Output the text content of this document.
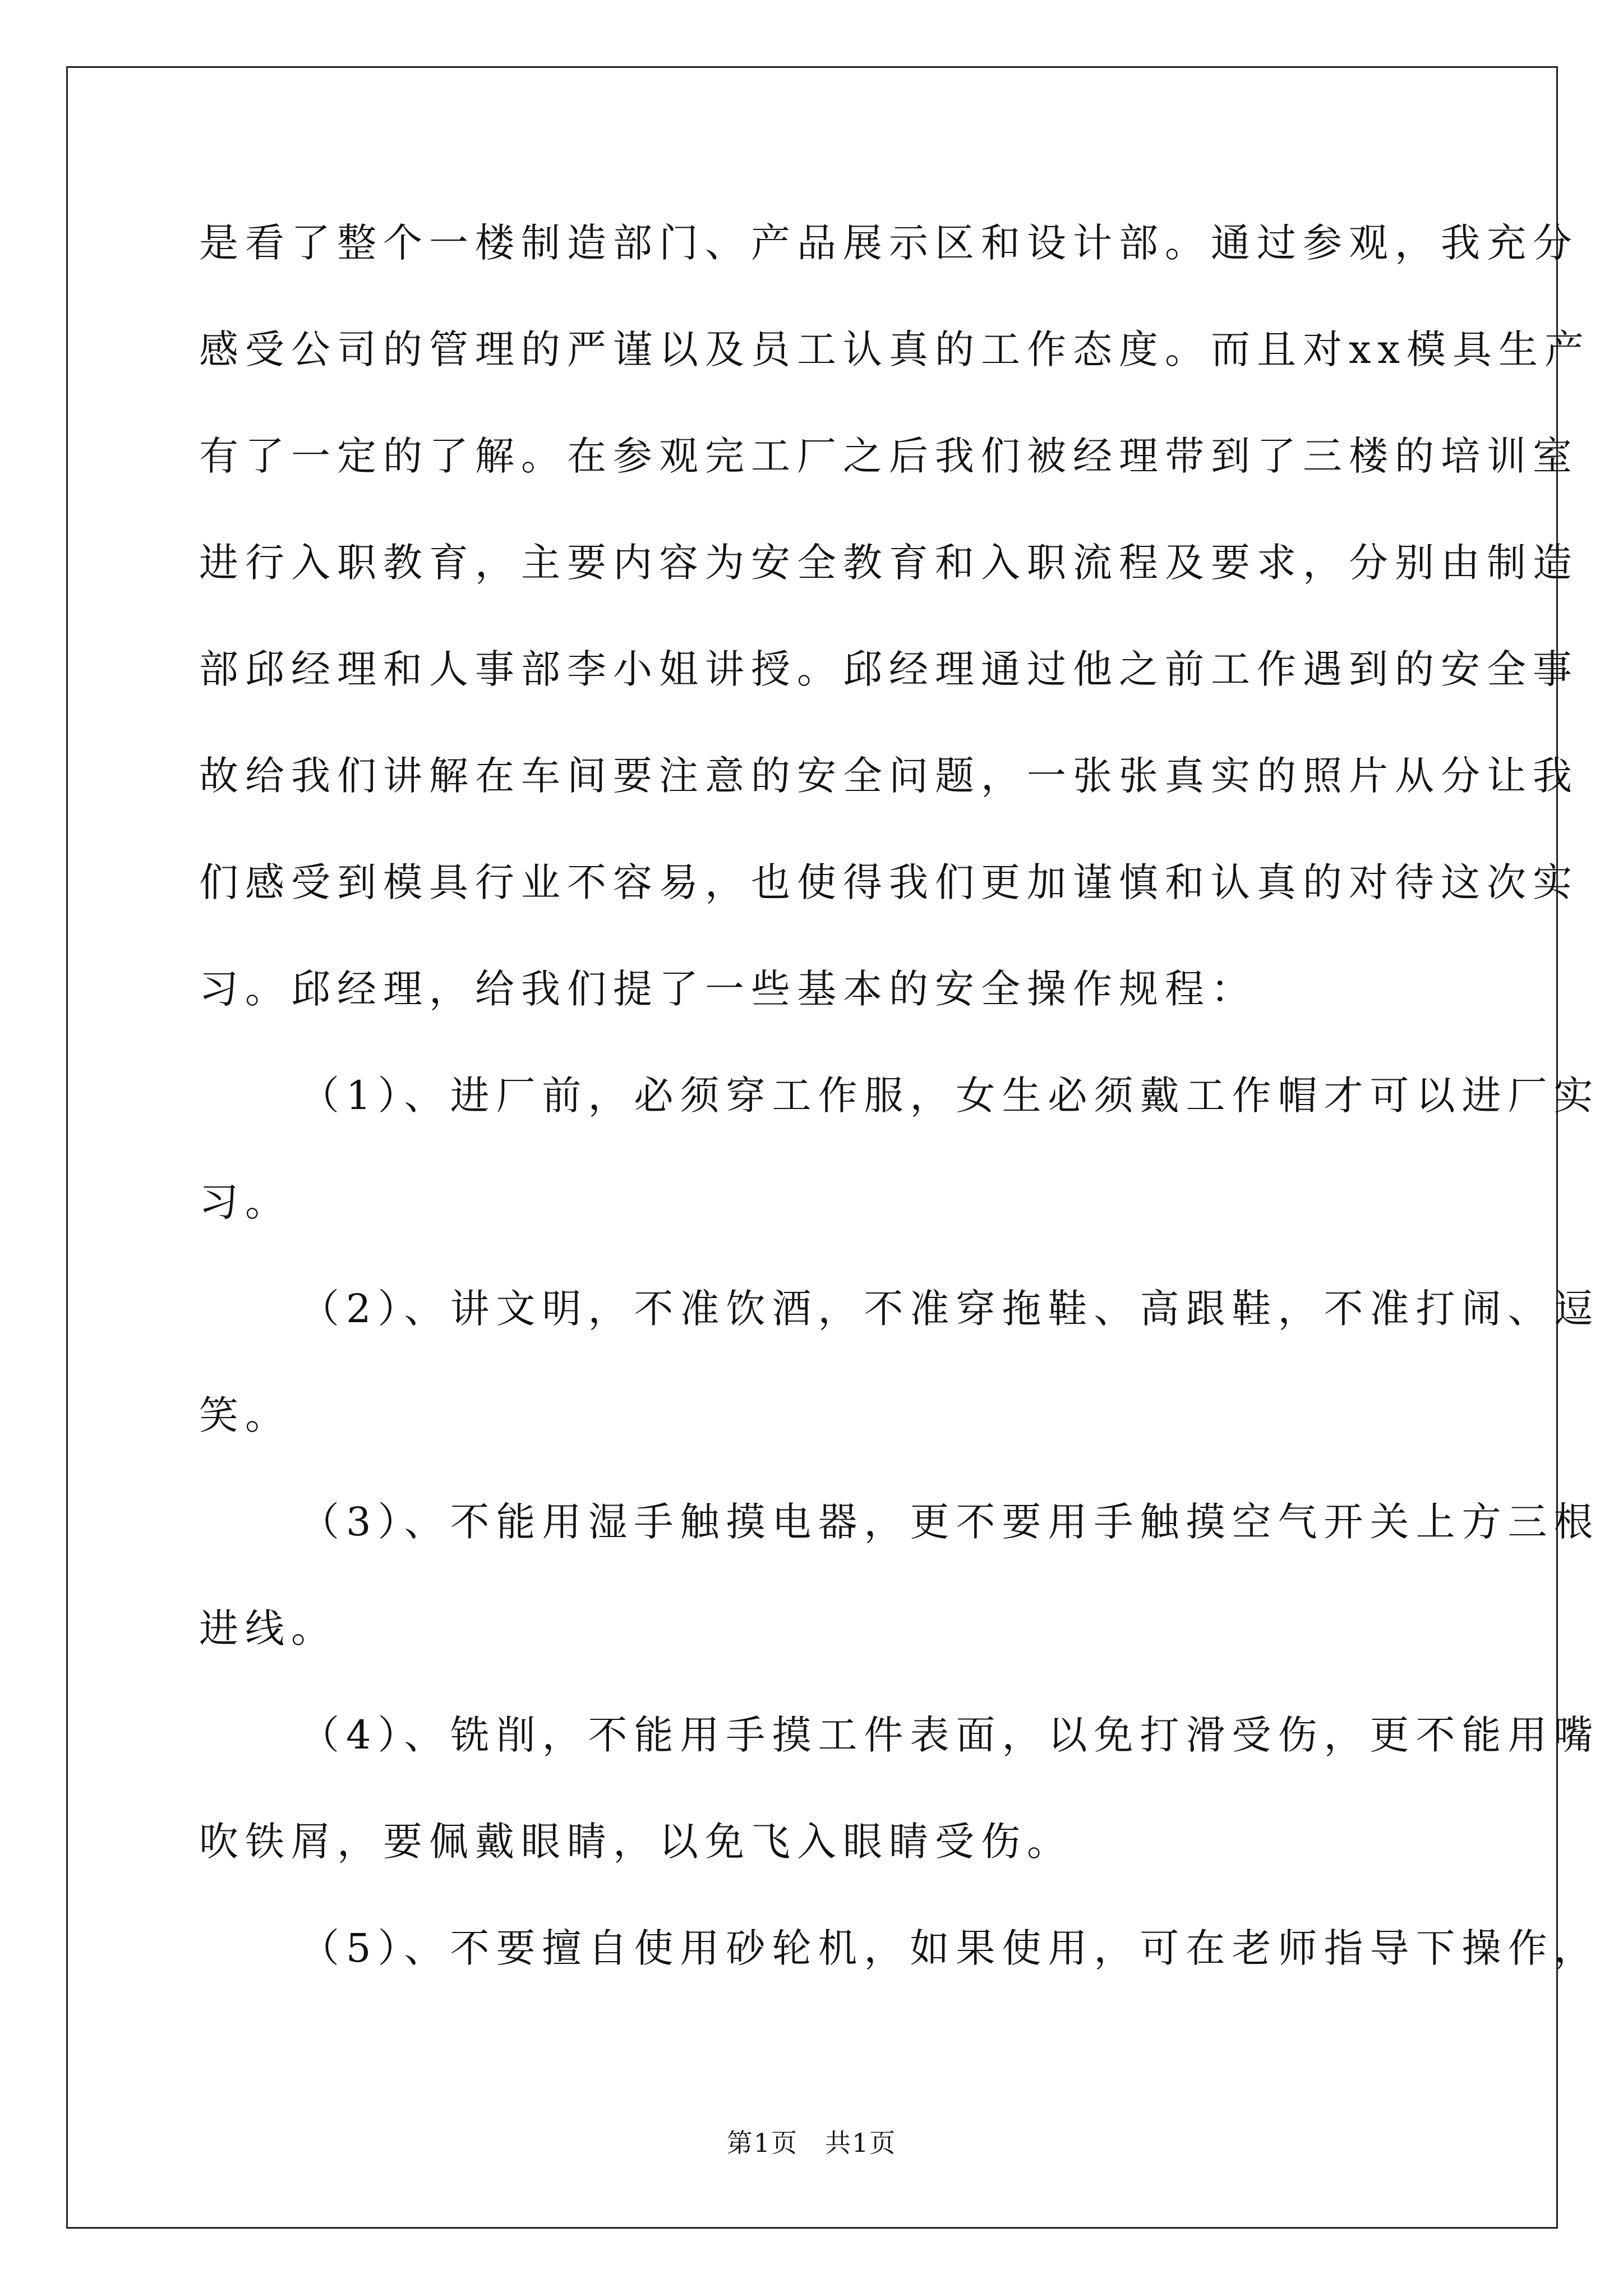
是看了整个一楼制造部门、产品展示区和设计部。通过参观，我充分
感受公司的管理的严谨以及员工认真的工作态度。而且对xx模具生产
有了一定的了解。在参观完工厂之后我们被经理带到了三楼的培训室
进行入职教育，主要内容为安全教育和入职流程及要求，分别由制造
部邱经理和人事部李小姐讲授。邱经理通过他之前工作遇到的安全事
故给我们讲解在车间要注意的安全问题，一张张真实的照片从分让我
们感受到模具行业不容易，也使得我们更加谨慎和认真的对待这次实
习。邱经理，给我们提了一些基本的安全操作规程：
（1）、进厂前，必须穿工作服，女生必须戴工作帽才可以进厂实
习。
（2）、讲文明，不准饮酒，不准穿拖鞋、高跟鞋，不准打闹、逗
笑。
（3）、不能用湿手触摸电器，更不要用手触摸空气开关上方三根
进线。
（4）、铣削，不能用手摸工件表面，以免打滑受伤，更不能用嘴
吹铁屑，要佩戴眼睛，以免飞入眼睛受伤。
（5）、不要擅自使用砂轮机，如果使用，可在老师指导下操作，
第1页　共1页
